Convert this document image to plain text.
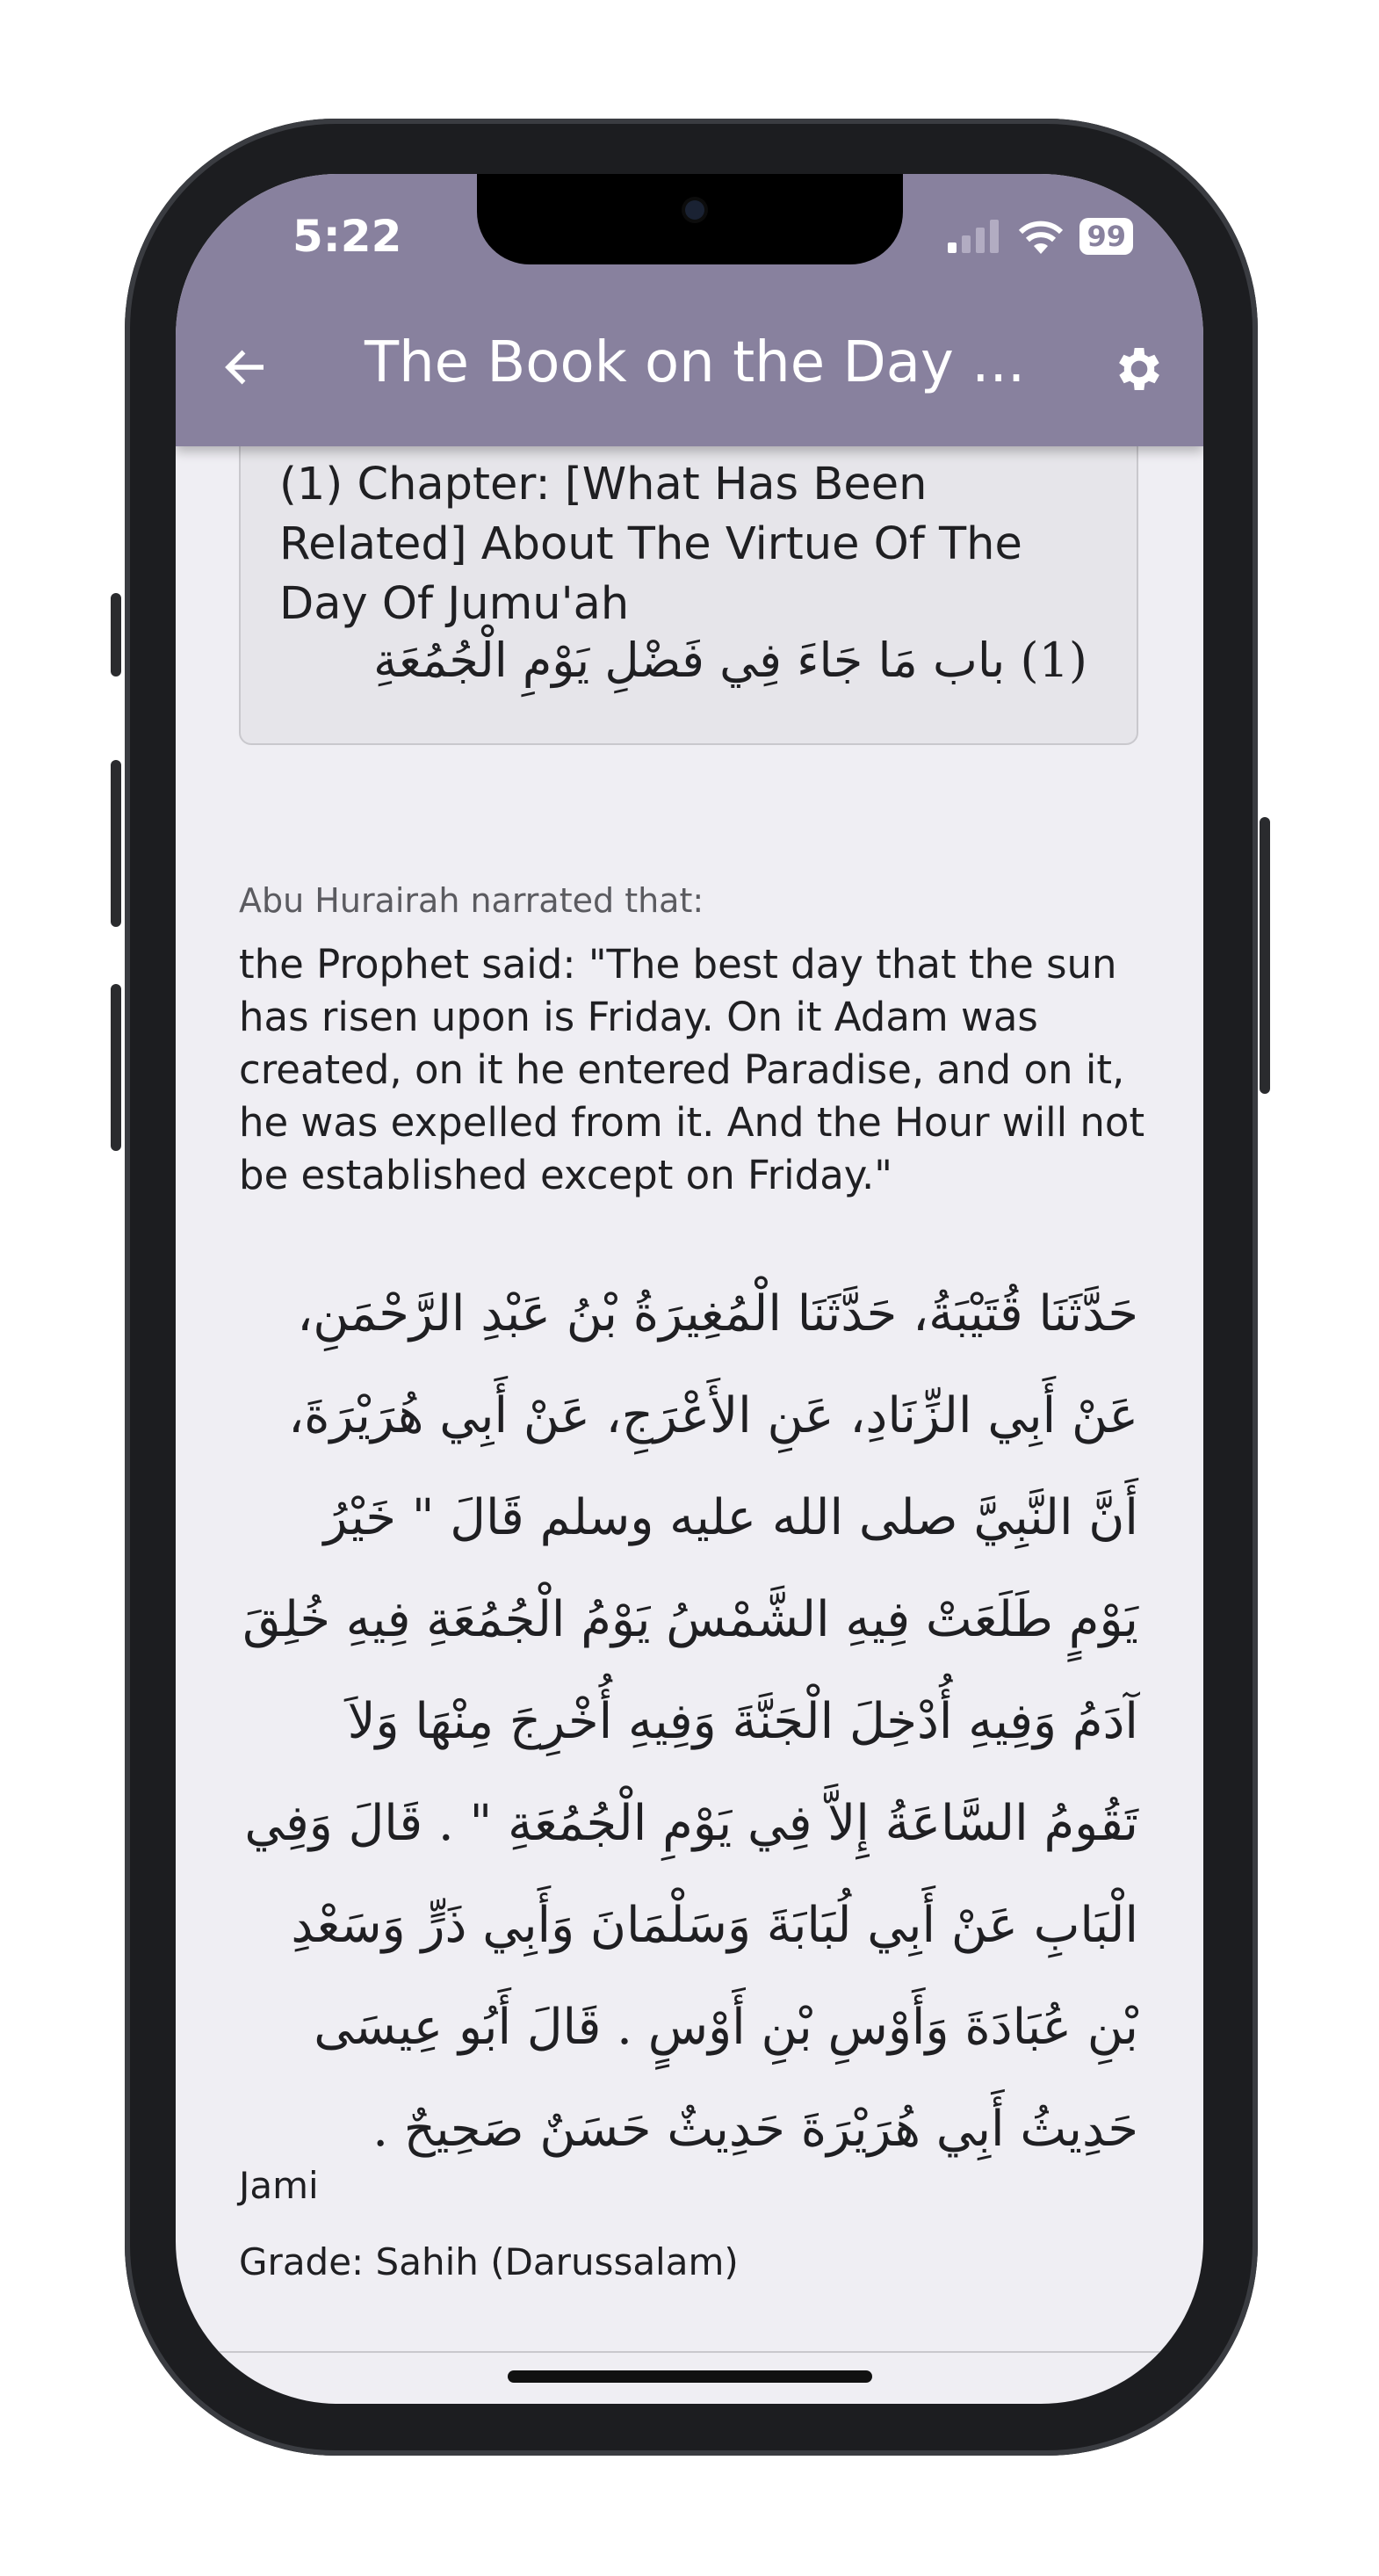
5:22	99
The Book on the Day ...
(1) Chapter: [What Has Been Related] About The Virtue Of The Day Of Jumu'ah
(1) باب مَا جَاءَ فِي فَضْلِ يَوْمِ الْجُمُعَةِ
Abu Hurairah narrated that:
the Prophet said: "The best day that the sun has risen upon is Friday. On it Adam was created, on it he entered Paradise, and on it, he was expelled from it. And the Hour will not be established except on Friday."
حَدَّثَنَا قُتَيْبَةُ، حَدَّثَنَا الْمُغِيرَةُ بْنُ عَبْدِ الرَّحْمَنِ، عَنْ أَبِي الزِّنَادِ، عَنِ الأَعْرَجِ، عَنْ أَبِي هُرَيْرَةَ، أَنَّ النَّبِيَّ صلى الله عليه وسلم قَالَ " خَيْرُ يَوْمٍ طَلَعَتْ فِيهِ الشَّمْسُ يَوْمُ الْجُمُعَةِ فِيهِ خُلِقَ آدَمُ وَفِيهِ أُدْخِلَ الْجَنَّةَ وَفِيهِ أُخْرِجَ مِنْهَا وَلاَ تَقُومُ السَّاعَةُ إِلاَّ فِي يَوْمِ الْجُمُعَةِ " . قَالَ وَفِي الْبَابِ عَنْ أَبِي لُبَابَةَ وَسَلْمَانَ وَأَبِي ذَرٍّ وَسَعْدِ بْنِ عُبَادَةَ وَأَوْسِ بْنِ أَوْسٍ . قَالَ أَبُو عِيسَى حَدِيثُ أَبِي هُرَيْرَةَ حَدِيثٌ حَسَنٌ صَحِيحٌ .
Jami
Grade: Sahih (Darussalam)
